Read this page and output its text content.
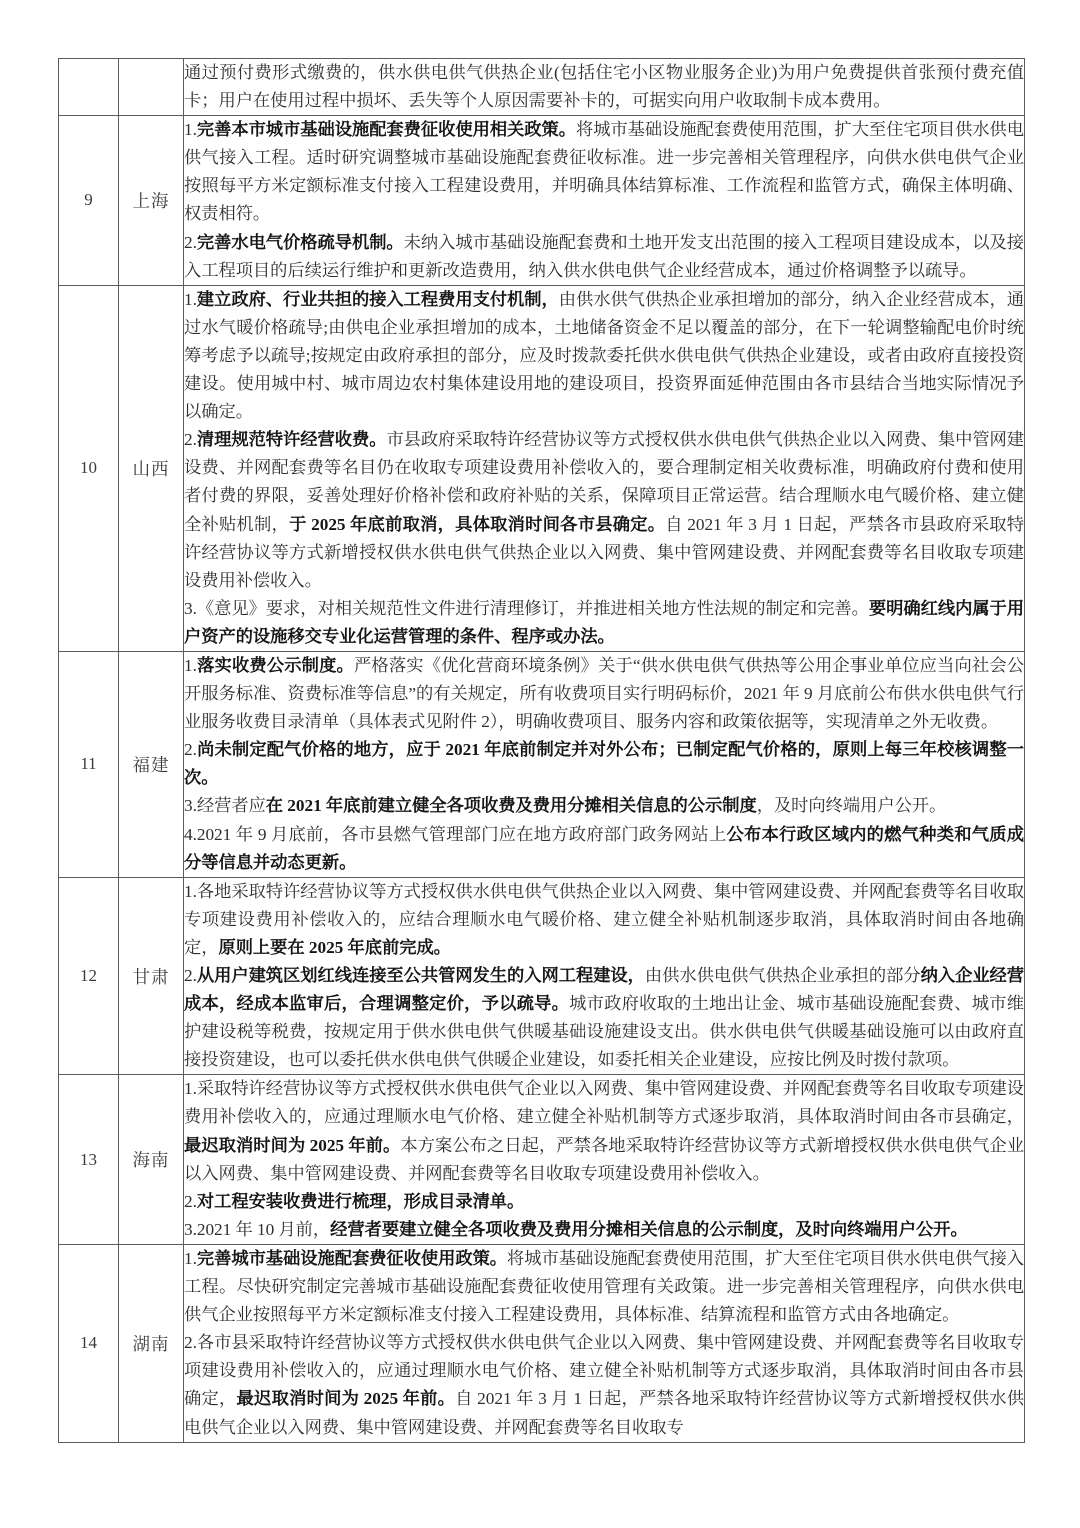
		通过预付费形式缴费的，供水供电供气供热企业(包括住宅小区物业服务企业)为用户免费提供首张预付费充值卡；用户在使用过程中损坏、丢失等个人原因需要补卡的，可据实向用户收取制卡成本费用。

9	上海	1.完善本市城市基础设施配套费征收使用相关政策。将城市基础设施配套费使用范围，扩大至住宅项目供水供电供气接入工程。适时研究调整城市基础设施配套费征收标准。进一步完善相关管理程序，向供水供电供气企业按照每平方米定额标准支付接入工程建设费用，并明确具体结算标准、工作流程和监管方式，确保主体明确、权责相符。
2.完善水电气价格疏导机制。未纳入城市基础设施配套费和土地开发支出范围的接入工程项目建设成本，以及接入工程项目的后续运行维护和更新改造费用，纳入供水供电供气企业经营成本，通过价格调整予以疏导。

10	山西	1.建立政府、行业共担的接入工程费用支付机制，由供水供气供热企业承担增加的部分，纳入企业经营成本，通过水气暖价格疏导;由供电企业承担增加的成本，土地储备资金不足以覆盖的部分，在下一轮调整输配电价时统筹考虑予以疏导;按规定由政府承担的部分，应及时拨款委托供水供电供气供热企业建设，或者由政府直接投资建设。使用城中村、城市周边农村集体建设用地的建设项目，投资界面延伸范围由各市县结合当地实际情况予以确定。
2.清理规范特许经营收费。市县政府采取特许经营协议等方式授权供水供电供气供热企业以入网费、集中管网建设费、并网配套费等名目仍在收取专项建设费用补偿收入的，要合理制定相关收费标准，明确政府付费和使用者付费的界限，妥善处理好价格补偿和政府补贴的关系，保障项目正常运营。结合理顺水电气暖价格、建立健全补贴机制，于 2025 年底前取消，具体取消时间各市县确定。自 2021 年 3 月 1 日起，严禁各市县政府采取特许经营协议等方式新增授权供水供电供气供热企业以入网费、集中管网建设费、并网配套费等名目收取专项建设费用补偿收入。
3.《意见》要求，对相关规范性文件进行清理修订，并推进相关地方性法规的制定和完善。要明确红线内属于用户资产的设施移交专业化运营管理的条件、程序或办法。

11	福建	1.落实收费公示制度。严格落实《优化营商环境条例》关于“供水供电供气供热等公用企事业单位应当向社会公开服务标准、资费标准等信息”的有关规定，所有收费项目实行明码标价，2021 年 9 月底前公布供水供电供气行业服务收费目录清单（具体表式见附件 2），明确收费项目、服务内容和政策依据等，实现清单之外无收费。
2.尚未制定配气价格的地方，应于 2021 年底前制定并对外公布；已制定配气价格的，原则上每三年校核调整一次。
3.经营者应在 2021 年底前建立健全各项收费及费用分摊相关信息的公示制度，及时向终端用户公开。
4.2021 年 9 月底前，各市县燃气管理部门应在地方政府部门政务网站上公布本行政区域内的燃气种类和气质成分等信息并动态更新。

12	甘肃	1.各地采取特许经营协议等方式授权供水供电供气供热企业以入网费、集中管网建设费、并网配套费等名目收取专项建设费用补偿收入的，应结合理顺水电气暖价格、建立健全补贴机制逐步取消，具体取消时间由各地确定，原则上要在 2025 年底前完成。
2.从用户建筑区划红线连接至公共管网发生的入网工程建设，由供水供电供气供热企业承担的部分纳入企业经营成本，经成本监审后，合理调整定价，予以疏导。城市政府收取的土地出让金、城市基础设施配套费、城市维护建设税等税费，按规定用于供水供电供气供暖基础设施建设支出。供水供电供气供暖基础设施可以由政府直接投资建设，也可以委托供水供电供气供暖企业建设，如委托相关企业建设，应按比例及时拨付款项。

13	海南	1.采取特许经营协议等方式授权供水供电供气企业以入网费、集中管网建设费、并网配套费等名目收取专项建设费用补偿收入的，应通过理顺水电气价格、建立健全补贴机制等方式逐步取消，具体取消时间由各市县确定，最迟取消时间为 2025 年前。本方案公布之日起，严禁各地采取特许经营协议等方式新增授权供水供电供气企业以入网费、集中管网建设费、并网配套费等名目收取专项建设费用补偿收入。
2.对工程安装收费进行梳理，形成目录清单。
3.2021 年 10 月前，经营者要建立健全各项收费及费用分摊相关信息的公示制度，及时向终端用户公开。

14	湖南	1.完善城市基础设施配套费征收使用政策。将城市基础设施配套费使用范围，扩大至住宅项目供水供电供气接入工程。尽快研究制定完善城市基础设施配套费征收使用管理有关政策。进一步完善相关管理程序，向供水供电供气企业按照每平方米定额标准支付接入工程建设费用，具体标准、结算流程和监管方式由各地确定。
2.各市县采取特许经营协议等方式授权供水供电供气企业以入网费、集中管网建设费、并网配套费等名目收取专项建设费用补偿收入的，应通过理顺水电气价格、建立健全补贴机制等方式逐步取消，具体取消时间由各市县确定，最迟取消时间为 2025 年前。自 2021 年 3 月 1 日起，严禁各地采取特许经营协议等方式新增授权供水供电供气企业以入网费、集中管网建设费、并网配套费等名目收取专
